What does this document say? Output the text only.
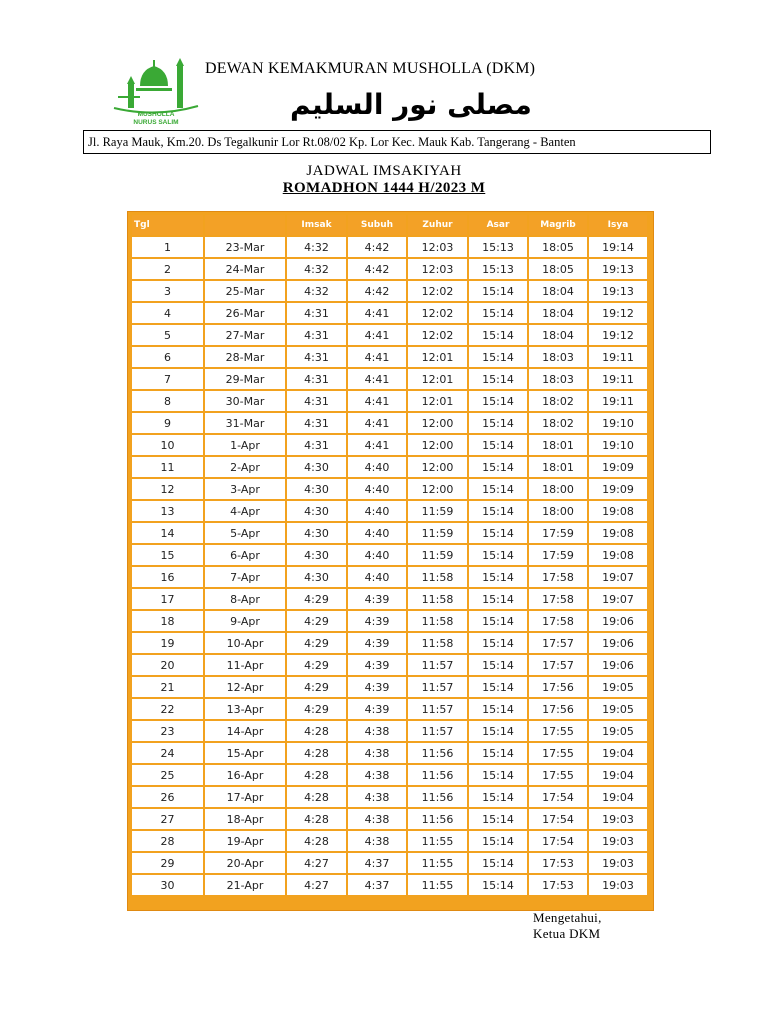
MUSHOLLA
NURUS SALIM
DEWAN KEMAKMURAN MUSHOLLA (DKM)
مصلى نور السليم
Jl. Raya Mauk, Km.20. Ds Tegalkunir Lor Rt.08/02 Kp. Lor Kec. Mauk Kab. Tangerang - Banten
JADWAL IMSAKIYAH
ROMADHON 1444 H/2023 M
Tgl		Imsak	Subuh	Zuhur	Asar	Magrib	Isya
1	23-Mar	4:32	4:42	12:03	15:13	18:05	19:14
2	24-Mar	4:32	4:42	12:03	15:13	18:05	19:13
3	25-Mar	4:32	4:42	12:02	15:14	18:04	19:13
4	26-Mar	4:31	4:41	12:02	15:14	18:04	19:12
5	27-Mar	4:31	4:41	12:02	15:14	18:04	19:12
6	28-Mar	4:31	4:41	12:01	15:14	18:03	19:11
7	29-Mar	4:31	4:41	12:01	15:14	18:03	19:11
8	30-Mar	4:31	4:41	12:01	15:14	18:02	19:11
9	31-Mar	4:31	4:41	12:00	15:14	18:02	19:10
10	1-Apr	4:31	4:41	12:00	15:14	18:01	19:10
11	2-Apr	4:30	4:40	12:00	15:14	18:01	19:09
12	3-Apr	4:30	4:40	12:00	15:14	18:00	19:09
13	4-Apr	4:30	4:40	11:59	15:14	18:00	19:08
14	5-Apr	4:30	4:40	11:59	15:14	17:59	19:08
15	6-Apr	4:30	4:40	11:59	15:14	17:59	19:08
16	7-Apr	4:30	4:40	11:58	15:14	17:58	19:07
17	8-Apr	4:29	4:39	11:58	15:14	17:58	19:07
18	9-Apr	4:29	4:39	11:58	15:14	17:58	19:06
19	10-Apr	4:29	4:39	11:58	15:14	17:57	19:06
20	11-Apr	4:29	4:39	11:57	15:14	17:57	19:06
21	12-Apr	4:29	4:39	11:57	15:14	17:56	19:05
22	13-Apr	4:29	4:39	11:57	15:14	17:56	19:05
23	14-Apr	4:28	4:38	11:57	15:14	17:55	19:05
24	15-Apr	4:28	4:38	11:56	15:14	17:55	19:04
25	16-Apr	4:28	4:38	11:56	15:14	17:55	19:04
26	17-Apr	4:28	4:38	11:56	15:14	17:54	19:04
27	18-Apr	4:28	4:38	11:56	15:14	17:54	19:03
28	19-Apr	4:28	4:38	11:55	15:14	17:54	19:03
29	20-Apr	4:27	4:37	11:55	15:14	17:53	19:03
30	21-Apr	4:27	4:37	11:55	15:14	17:53	19:03
Mengetahui,
Ketua DKM
